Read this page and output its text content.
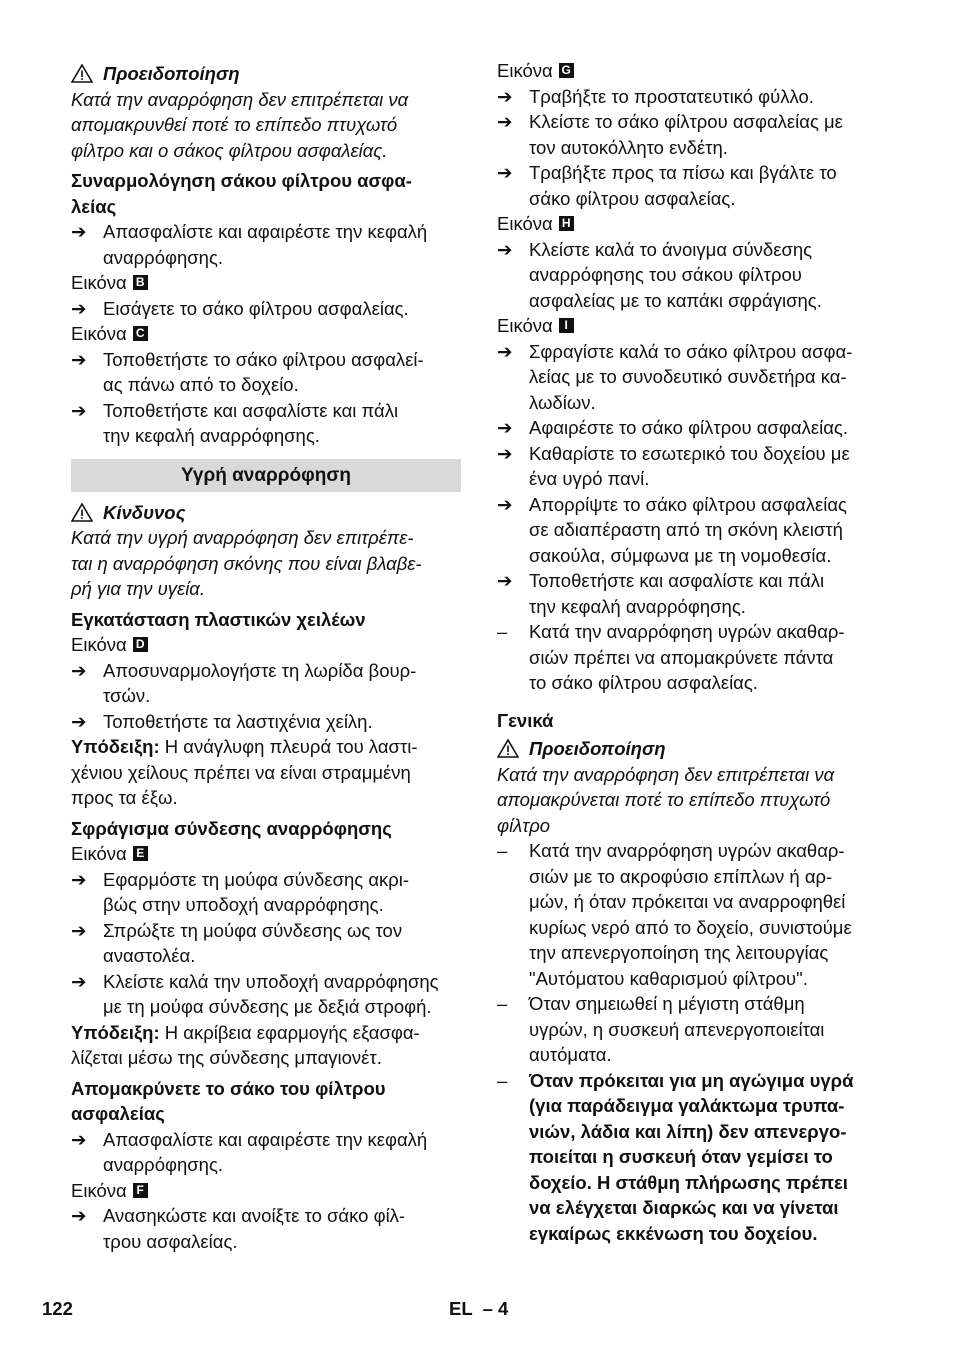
Προειδοποίηση
Κατά την αναρρόφηση δεν επιτρέπεται να
απομακρυνθεί ποτέ το επίπεδο πτυχωτό
φίλτρο και ο σάκος φίλτρου ασφαλείας.
Συναρμολόγηση σάκου φίλτρου ασφα-
λείας
➔ Απασφαλίστε και αφαιρέστε την κεφαλή
αναρρόφησης.
Εικόνα B
➔ Εισάγετε το σάκο φίλτρου ασφαλείας.
Εικόνα C
➔ Τοποθετήστε το σάκο φίλτρου ασφαλεί-
ας πάνω από το δοχείο.
➔ Τοποθετήστε και ασφαλίστε και πάλι
την κεφαλή αναρρόφησης.
Υγρή αναρρόφηση
Κίνδυνος
Κατά την υγρή αναρρόφηση δεν επιτρέπε-
ται η αναρρόφηση σκόνης που είναι βλαβε-
ρή για την υγεία.
Εγκατάσταση πλαστικών χειλέων
Εικόνα D
➔ Αποσυναρμολογήστε τη λωρίδα βουρ-
τσών.
➔ Τοποθετήστε τα λαστιχένια χείλη.
Υπόδειξη: Η ανάγλυφη πλευρά του λαστι-
χένιου χείλους πρέπει να είναι στραμμένη
προς τα έξω.
Σφράγισμα σύνδεσης αναρρόφησης
Εικόνα E
➔ Εφαρμόστε τη μούφα σύνδεσης ακρι-
βώς στην υποδοχή αναρρόφησης.
➔ Σπρώξτε τη μούφα σύνδεσης ως τον
αναστολέα.
➔ Κλείστε καλά την υποδοχή αναρρόφησης
με τη μούφα σύνδεσης με δεξιά στροφή.
Υπόδειξη: Η ακρίβεια εφαρμογής εξασφα-
λίζεται μέσω της σύνδεσης μπαγιονέτ.
Απομακρύνετε το σάκο του φίλτρου
ασφαλείας
➔ Απασφαλίστε και αφαιρέστε την κεφαλή
αναρρόφησης.
Εικόνα F
➔ Ανασηκώστε και ανοίξτε το σάκο φίλ-
τρου ασφαλείας.
Εικόνα G
➔ Τραβήξτε το προστατευτικό φύλλο.
➔ Κλείστε το σάκο φίλτρου ασφαλείας με
τον αυτοκόλλητο ενδέτη.
➔ Τραβήξτε προς τα πίσω και βγάλτε το
σάκο φίλτρου ασφαλείας.
Εικόνα H
➔ Κλείστε καλά το άνοιγμα σύνδεσης
αναρρόφησης του σάκου φίλτρου
ασφαλείας με το καπάκι σφράγισης.
Εικόνα I
➔ Σφραγίστε καλά το σάκο φίλτρου ασφα-
λείας με το συνοδευτικό συνδετήρα κα-
λωδίων.
➔ Αφαιρέστε το σάκο φίλτρου ασφαλείας.
➔ Καθαρίστε το εσωτερικό του δοχείου με
ένα υγρό πανί.
➔ Απορρίψτε το σάκο φίλτρου ασφαλείας
σε αδιαπέραστη από τη σκόνη κλειστή
σακούλα, σύμφωνα με τη νομοθεσία.
➔ Τοποθετήστε και ασφαλίστε και πάλι
την κεφαλή αναρρόφησης.
–	Κατά την αναρρόφηση υγρών ακαθαρ-
σιών πρέπει να απομακρύνετε πάντα
το σάκο φίλτρου ασφαλείας.
Γενικά
Προειδοποίηση
Κατά την αναρρόφηση δεν επιτρέπεται να
απομακρύνεται ποτέ το επίπεδο πτυχωτό
φίλτρο
–	Κατά την αναρρόφηση υγρών ακαθαρ-
σιών με το ακροφύσιο επίπλων ή αρ-
μών, ή όταν πρόκειται να αναρροφηθεί
κυρίως νερό από το δοχείο, συνιστούμε
την απενεργοποίηση της λειτουργίας
"Αυτόματου καθαρισμού φίλτρου".
–	Όταν σημειωθεί η μέγιστη στάθμη
υγρών, η συσκευή απενεργοποιείται
αυτόματα.
–	Όταν πρόκειται για μη αγώγιμα υγρά
(για παράδειγμα γαλάκτωμα τρυπα-
νιών, λάδια και λίπη) δεν απενεργο-
ποιείται η συσκευή όταν γεμίσει το
δοχείο. Η στάθμη πλήρωσης πρέπει
να ελέγχεται διαρκώς και να γίνεται
εγκαίρως εκκένωση του δοχείου.
122	EL  – 4
